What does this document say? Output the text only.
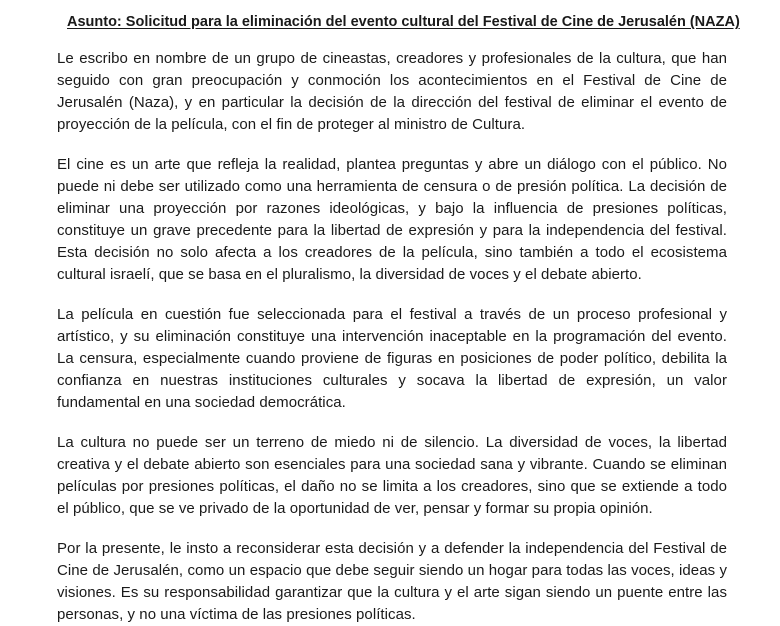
Asunto: Solicitud para la eliminación del evento cultural del Festival de Cine de Jerusalén (NAZA)

Le escribo en nombre de un grupo de cineastas, creadores y profesionales de la cultura, que han seguido con gran preocupación y conmoción los acontecimientos en el Festival de Cine de Jerusalén (Naza), y en particular la decisión de la dirección del festival de eliminar el evento de proyección de la película, con el fin de proteger al ministro de Cultura.

El cine es un arte que refleja la realidad, plantea preguntas y abre un diálogo con el público. No puede ni debe ser utilizado como una herramienta de censura o de presión política. La decisión de eliminar una proyección por razones ideológicas, y bajo la influencia de presiones políticas, constituye un grave precedente para la libertad de expresión y para la independencia del festival. Esta decisión no solo afecta a los creadores de la película, sino también a todo el ecosistema cultural israelí, que se basa en el pluralismo, la diversidad de voces y el debate abierto.

La película en cuestión fue seleccionada para el festival a través de un proceso profesional y artístico, y su eliminación constituye una intervención inaceptable en la programación del evento. La censura, especialmente cuando proviene de figuras en posiciones de poder político, debilita la confianza en nuestras instituciones culturales y socava la libertad de expresión, un valor fundamental en una sociedad democrática.

La cultura no puede ser un terreno de miedo ni de silencio. La diversidad de voces, la libertad creativa y el debate abierto son esenciales para una sociedad sana y vibrante. Cuando se eliminan películas por presiones políticas, el daño no se limita a los creadores, sino que se extiende a todo el público, que se ve privado de la oportunidad de ver, pensar y formar su propia opinión.

Por la presente, le insto a reconsiderar esta decisión y a defender la independencia del Festival de Cine de Jerusalén, como un espacio que debe seguir siendo un hogar para todas las voces, ideas y visiones. Es su responsabilidad garantizar que la cultura y el arte sigan siendo un puente entre las personas, y no una víctima de las presiones políticas.
